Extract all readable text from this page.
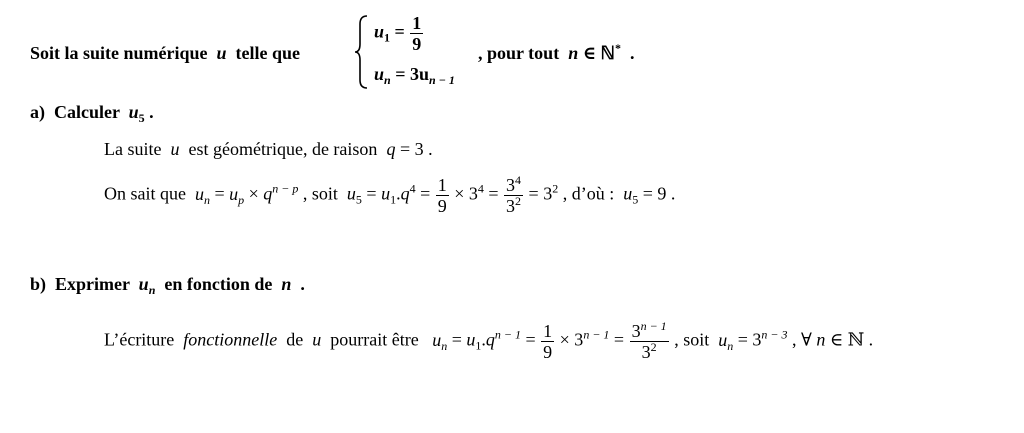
Soit la suite numérique u telle que
$u_1 = \frac{1}{9}$
$u_n = 3u_{n - 1}$
, pour tout n ∈ ℕ* .
a) Calculer $u_5$ .
La suite u est géométrique, de raison q = 3 .
On sait que $u_n = u_p \times q^{n - p}$ , soit $u_5 = u_1.q^4 = \frac{1}{9} \times 3^4 = \frac{3^4}{3^2} = 3^2$ , d’où : $u_5 = 9$ .
b) Exprimer $u_n$ en fonction de n .
L’écriture fonctionnelle de u pourrait être $u_n = u_1.q^{n - 1} = \frac{1}{9} \times 3^{n - 1} = \frac{3^{n - 1}}{3^2}$ , soit $u_n = 3^{n - 3}$ , ∀ n ∈ ℕ .
